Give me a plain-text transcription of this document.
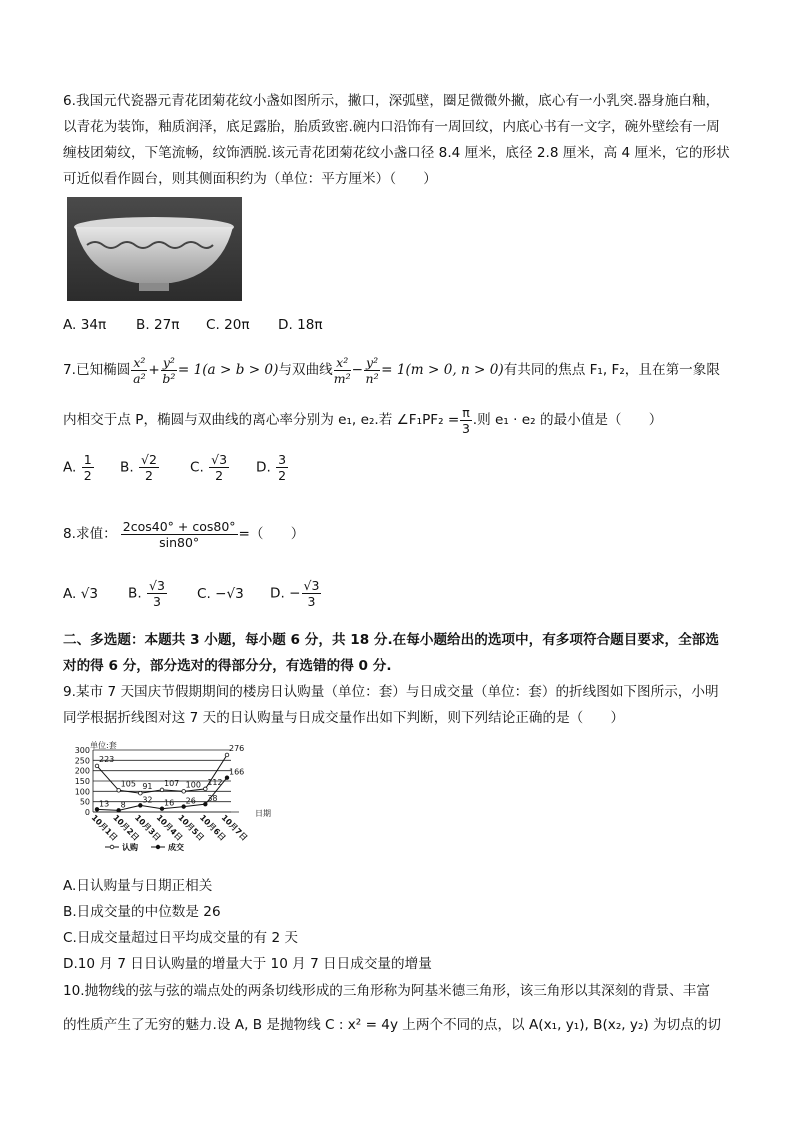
6.我国元代瓷器元青花团菊花纹小盏如图所示，撇口，深弧壁，圈足微微外撇，底心有一小乳突.器身施白釉，以青花为装饰，釉质润泽，底足露胎，胎质致密.碗内口沿饰有一周回纹，内底心书有一文字，碗外壁绘有一周缠枝团菊纹，下笔流畅，纹饰洒脱.该元青花团菊花纹小盏口径 8.4 厘米，底径 2.8 厘米，高 4 厘米，它的形状可近似看作圆台，则其侧面积约为（单位：平方厘米）（　　）

A. 34π B. 27π C. 20π D. 18π
7.已知椭圆 $\frac{\text{x²}}{\text{a²}} + \frac{\text{y²}}{\text{b²}} = 1(a > b > 0)$与双曲线 $\frac{\text{x²}}{\text{m²}} - \frac{\text{y²}}{\text{n²}} = 1(m > 0$, n > 0)有共同的焦点 F₁, F₂，且在第一象限
内相交于点 P，椭圆与双曲线的离心率分别为 e₁, e₂.若 ∠F₁PF₂ = $\frac{\pi}{3}$ .则 e₁ · e₂ 的最小值是（　　）
A. $\frac{1}{2} B$. $\frac{√2}{2} C$. $\frac{√3}{2} D$. $\frac{3}{2}$
8.求值： $\frac{2\cos 40^\circ + \cos 80^\circ}{\sin 80^\circ}$ =（　　）
A. √3 B. $\frac{√3}{3} C$. −√3 D. − $\frac{√3}{3}$

二、多选题：本题共 3 小题，每小题 6 分，共 18 分.在每小题给出的选项中，有多项符合题目要求，全部选对的得 6 分，部分选对的得部分分，有选错的得 0 分.

9.某市 7 天国庆节假期期间的楼房日认购量（单位：套）与日成交量（单位：套）的折线图如下图所示，小明同学根据折线图对这 7 天的日认购量与日成交量作出如下判断，则下列结论正确的是（　　）

0
50
100
150
200
250
300
单位:套
日期
10月1日
10月2日
10月3日
10月4日
10月5日
10月6日
10月7日
223
105 91 107 100 112
276
13 8
32 16 26 38
166
认购	成交
A.日认购量与日期正相关
B.日成交量的中位数是 26
C.日成交量超过日平均成交量的有 2 天
D.10 月 7 日日认购量的增量大于 10 月 7 日日成交量的增量
10.抛物线的弦与弦的端点处的两条切线形成的三角形称为阿基米德三角形，该三角形以其深刻的背景、丰富
的性质产生了无穷的魅力.设 A, B 是抛物线 C : x² = 4y 上两个不同的点，以 A(x₁, y₁), B(x₂, y₂) 为切点的切
